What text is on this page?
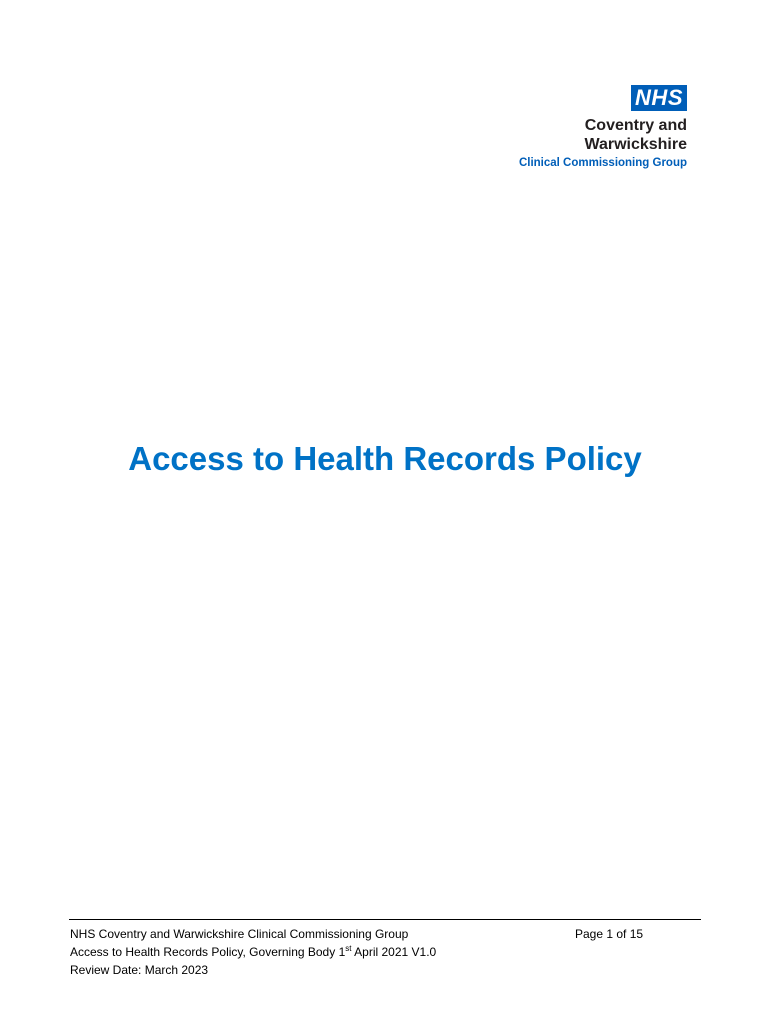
NHS
Coventry and
Warwickshire
Clinical Commissioning Group
Access to Health Records Policy
NHS Coventry and Warwickshire Clinical Commissioning Group	Page 1 of 15
Access to Health Records Policy, Governing Body 1st April 2021 V1.0
Review Date: March 2023
